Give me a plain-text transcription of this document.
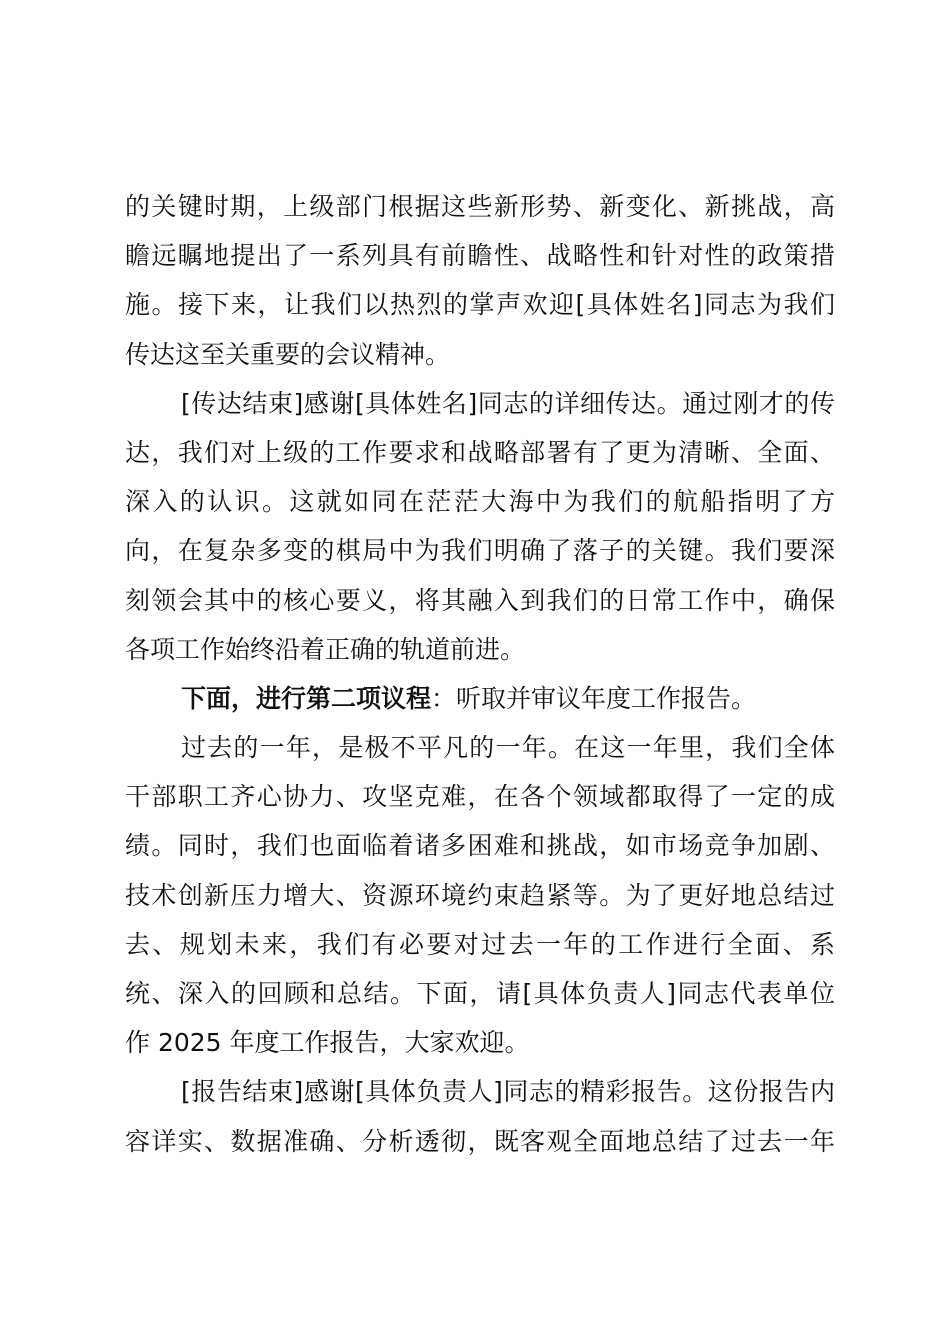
的关键时期，上级部门根据这些新形势、新变化、新挑战，高
瞻远瞩地提出了一系列具有前瞻性、战略性和针对性的政策措
施。接下来，让我们以热烈的掌声欢迎[具体姓名]同志为我们
传达这至关重要的会议精神。
[传达结束]感谢[具体姓名]同志的详细传达。通过刚才的传
达，我们对上级的工作要求和战略部署有了更为清晰、全面、
深入的认识。这就如同在茫茫大海中为我们的航船指明了方
向，在复杂多变的棋局中为我们明确了落子的关键。我们要深
刻领会其中的核心要义，将其融入到我们的日常工作中，确保
各项工作始终沿着正确的轨道前进。
下面，进行第二项议程：听取并审议年度工作报告。
过去的一年，是极不平凡的一年。在这一年里，我们全体
干部职工齐心协力、攻坚克难，在各个领域都取得了一定的成
绩。同时，我们也面临着诸多困难和挑战，如市场竞争加剧、
技术创新压力增大、资源环境约束趋紧等。为了更好地总结过
去、规划未来，我们有必要对过去一年的工作进行全面、系
统、深入的回顾和总结。下面，请[具体负责人]同志代表单位
作 2025 年度工作报告，大家欢迎。
[报告结束]感谢[具体负责人]同志的精彩报告。这份报告内
容详实、数据准确、分析透彻，既客观全面地总结了过去一年
